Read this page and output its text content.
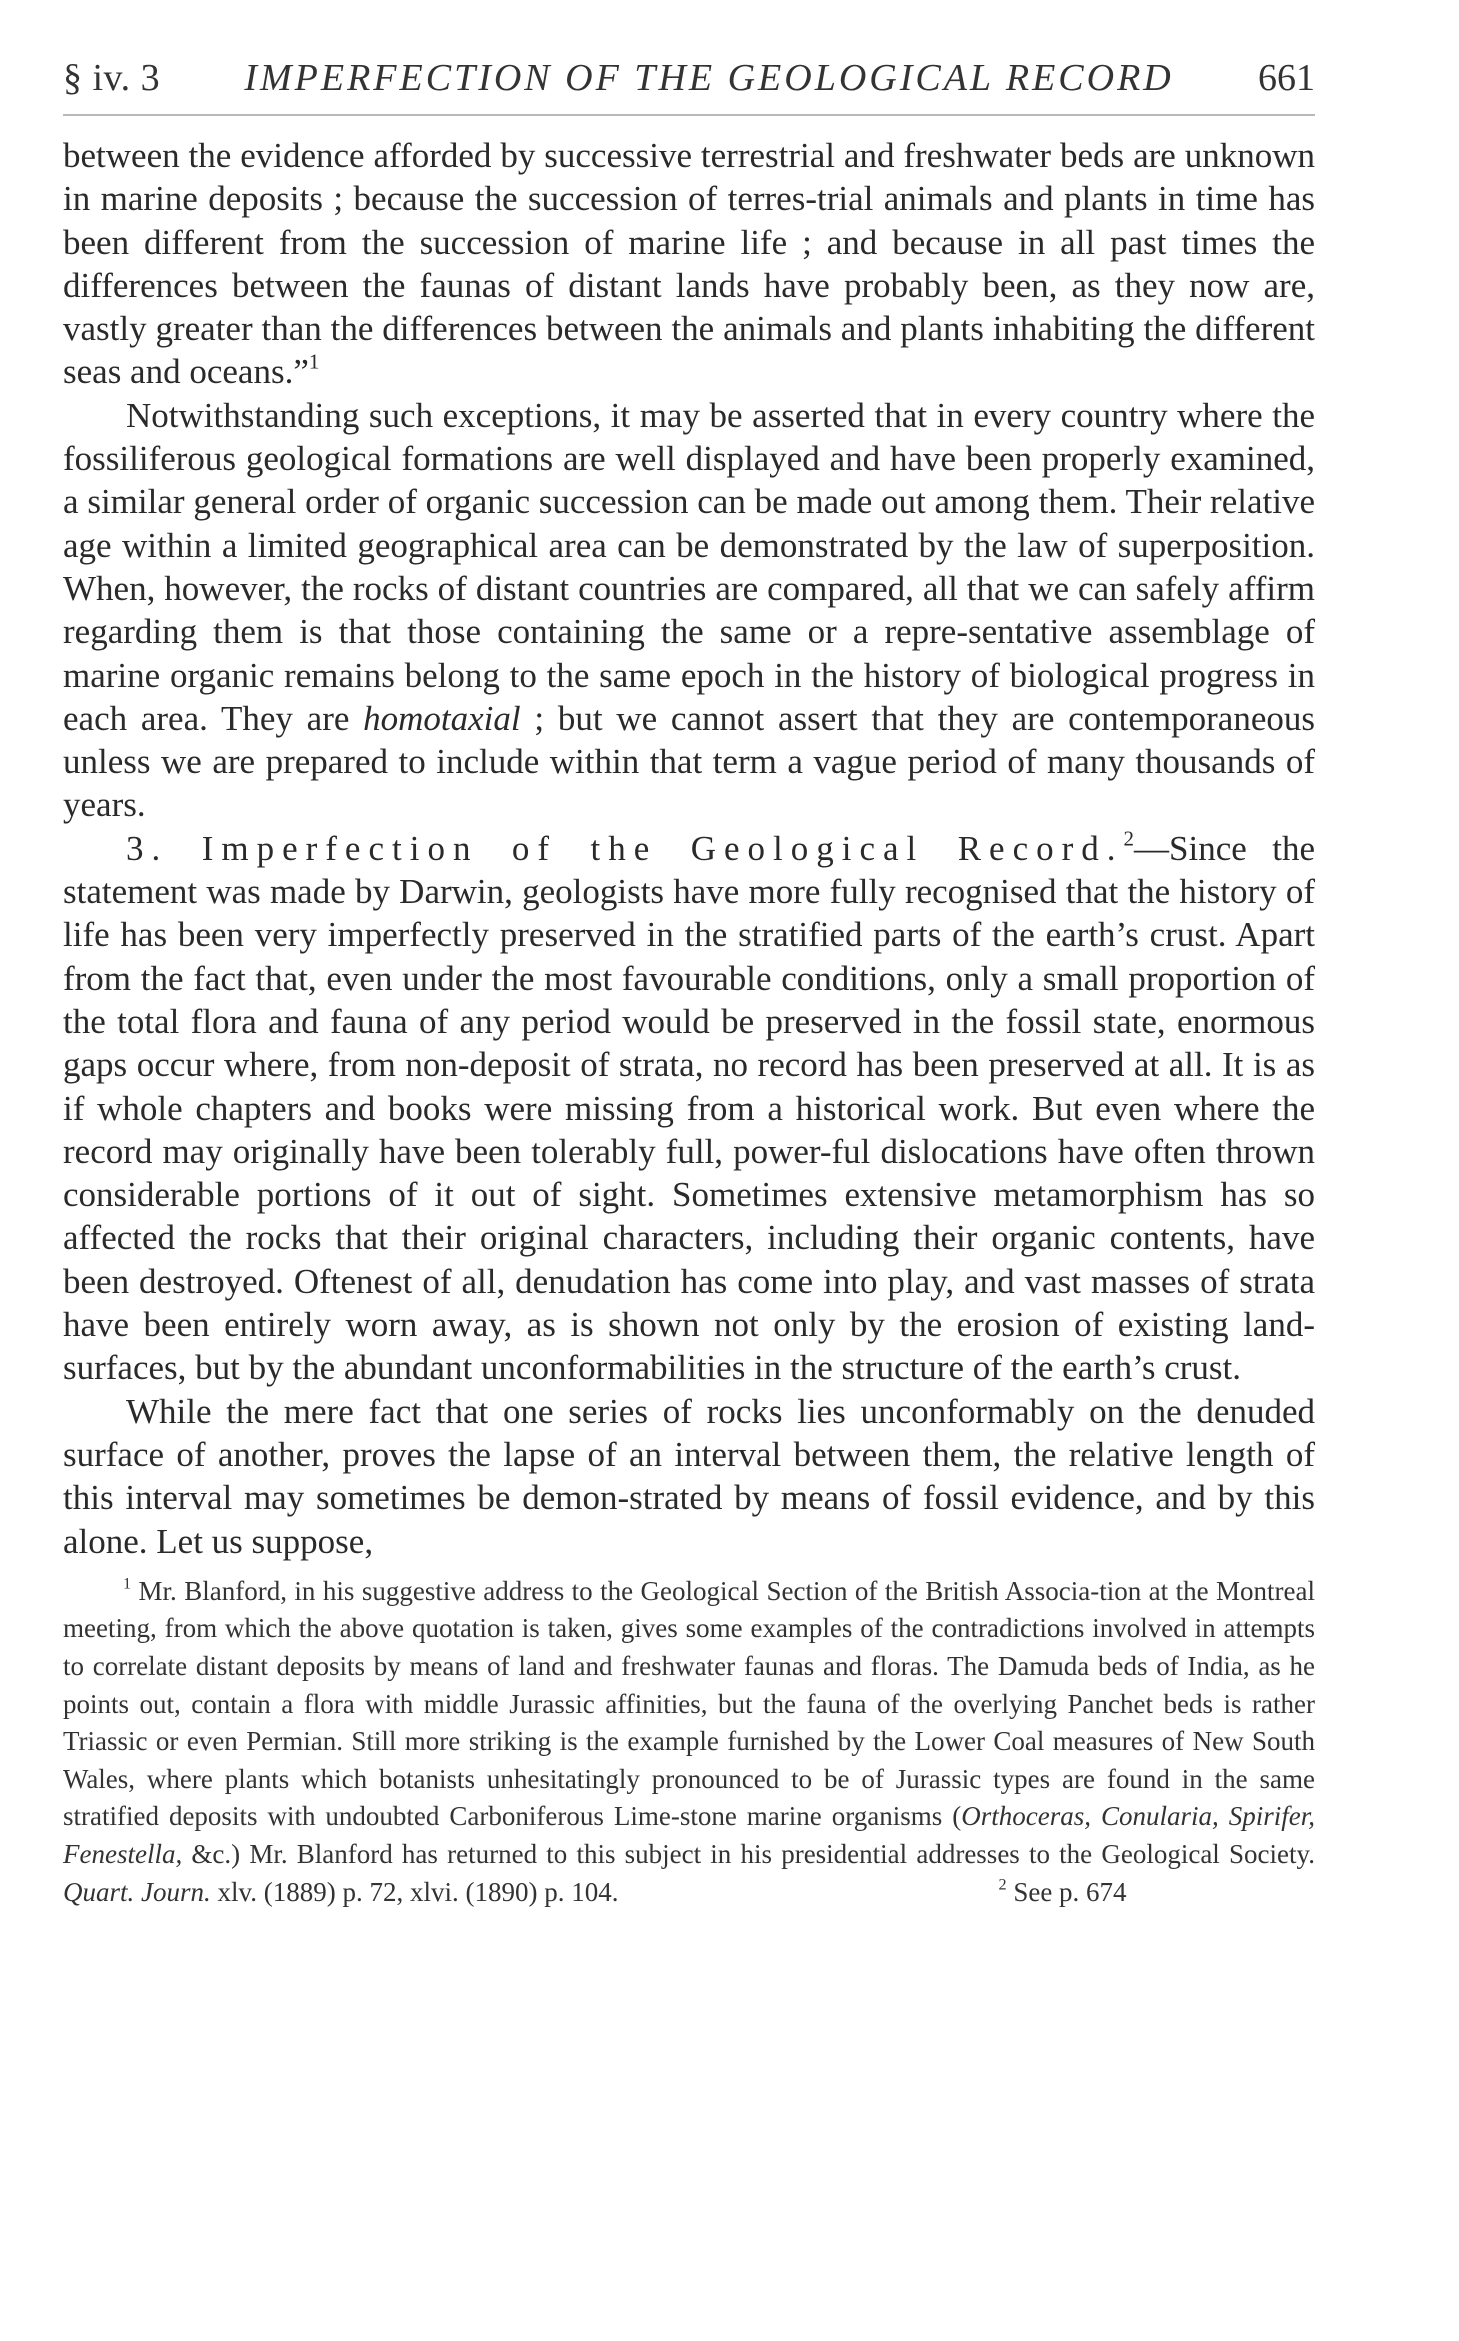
§ iv. 3 IMPERFECTION OF THE GEOLOGICAL RECORD 661

between the evidence afforded by successive terrestrial and freshwater beds are unknown in marine deposits ; because the succession of terres-trial animals and plants in time has been different from the succession of marine life ; and because in all past times the differences between the faunas of distant lands have probably been, as they now are, vastly greater than the differences between the animals and plants inhabiting the different seas and oceans.”$^1$

Notwithstanding such exceptions, it may be asserted that in every country where the fossiliferous geological formations are well displayed and have been properly examined, a similar general order of organic succession can be made out among them. Their relative age within a limited geographical area can be demonstrated by the law of superposition. When, however, the rocks of distant countries are compared, all that we can safely affirm regarding them is that those containing the same or a repre-sentative assemblage of marine organic remains belong to the same epoch in the history of biological progress in each area. They are homotaxial ; but we cannot assert that they are contemporaneous unless we are prepared to include within that term a vague period of many thousands of years.

3. Imperfection of the Geological Record.$^2$—Since the statement was made by Darwin, geologists have more fully recognised that the history of life has been very imperfectly preserved in the stratified parts of the earth’s crust. Apart from the fact that, even under the most favourable conditions, only a small proportion of the total flora and fauna of any period would be preserved in the fossil state, enormous gaps occur where, from non-deposit of strata, no record has been preserved at all. It is as if whole chapters and books were missing from a historical work. But even where the record may originally have been tolerably full, power-ful dislocations have often thrown considerable portions of it out of sight. Sometimes extensive metamorphism has so affected the rocks that their original characters, including their organic contents, have been destroyed. Oftenest of all, denudation has come into play, and vast masses of strata have been entirely worn away, as is shown not only by the erosion of existing land-surfaces, but by the abundant unconformabilities in the structure of the earth’s crust.

While the mere fact that one series of rocks lies unconformably on the denuded surface of another, proves the lapse of an interval between them, the relative length of this interval may sometimes be demon-strated by means of fossil evidence, and by this alone. Let us suppose,

$^1$ Mr. Blanford, in his suggestive address to the Geological Section of the British Associa-tion at the Montreal meeting, from which the above quotation is taken, gives some examples of the contradictions involved in attempts to correlate distant deposits by means of land and freshwater faunas and floras. The Damuda beds of India, as he points out, contain a flora with middle Jurassic affinities, but the fauna of the overlying Panchet beds is rather Triassic or even Permian. Still more striking is the example furnished by the Lower Coal measures of New South Wales, where plants which botanists unhesitatingly pronounced to be of Jurassic types are found in the same stratified deposits with undoubted Carboniferous Lime-stone marine organisms (Orthoceras, Conularia, Spirifer, Fenestella, &c.) Mr. Blanford has returned to this subject in his presidential addresses to the Geological Society. Quart. Journ. xlv. (1889) p. 72, xlvi. (1890) p. 104.	$^2$ See p. 674
